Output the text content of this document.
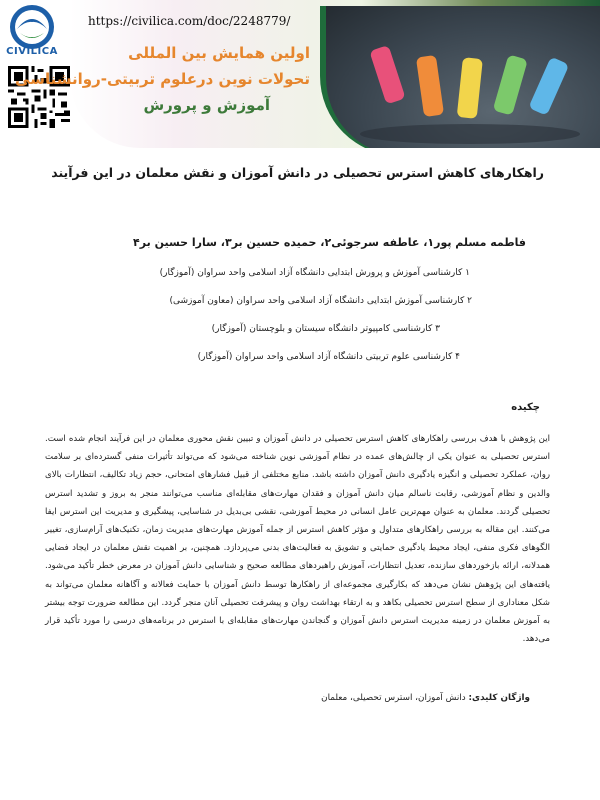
CIVILICA
https://civilica.com/doc/2248779/
اولین همایش بین المللی
تحولات نوین درعلوم تربیتی-روانشناسی
آموزش و پرورش
راهکارهای کاهش استرس تحصیلی در دانش آموزان و نقش معلمان در این فرآیند
فاطمه مسلم پور۱، عاطفه سرجوئی۲، حمیده حسین بر۳، سارا حسین بر۴
۱ کارشناسی آموزش و پرورش ابتدایی دانشگاه آزاد اسلامی واحد سراوان (آموزگار)
۲ کارشناسی آموزش ابتدایی دانشگاه آزاد اسلامی واحد سراوان (معاون آموزشی)
۳ کارشناسی کامپیوتر دانشگاه سیستان و بلوچستان (آموزگار)
۴ کارشناسی علوم تربیتی دانشگاه آزاد اسلامی واحد سراوان (آموزگار)
چکیده
این پژوهش با هدف بررسی راهکارهای کاهش استرس تحصیلی در دانش آموزان و تبیین نقش محوری معلمان در این فرآیند انجام شده است. استرس تحصیلی به عنوان یکی از چالش‌های عمده در نظام آموزشی نوین شناخته می‌شود که می‌تواند تأثیرات منفی گسترده‌ای بر سلامت روان، عملکرد تحصیلی و انگیزه یادگیری دانش آموزان داشته باشد. منابع مختلفی از قبیل فشارهای امتحانی، حجم زیاد تکالیف، انتظارات بالای والدین و نظام آموزشی، رقابت ناسالم میان دانش آموزان و فقدان مهارت‌های مقابله‌ای مناسب می‌توانند منجر به بروز و تشدید استرس تحصیلی گردند. معلمان به عنوان مهم‌ترین عامل انسانی در محیط آموزشی، نقشی بی‌بدیل در شناسایی، پیشگیری و مدیریت این استرس ایفا می‌کنند. این مقاله به بررسی راهکارهای متداول و مؤثر کاهش استرس از جمله آموزش مهارت‌های مدیریت زمان، تکنیک‌های آرام‌سازی، تغییر الگوهای فکری منفی، ایجاد محیط یادگیری حمایتی و تشویق به فعالیت‌های بدنی می‌پردازد. همچنین، بر اهمیت نقش معلمان در ایجاد فضایی همدلانه، ارائه بازخوردهای سازنده، تعدیل انتظارات، آموزش راهبردهای مطالعه صحیح و شناسایی دانش آموزان در معرض خطر تأکید می‌شود. یافته‌های این پژوهش نشان می‌دهد که بکارگیری مجموعه‌ای از راهکارها توسط دانش آموزان با حمایت فعالانه و آگاهانه معلمان می‌تواند به شکل معناداری از سطح استرس تحصیلی بکاهد و به ارتقاء بهداشت روان و پیشرفت تحصیلی آنان منجر گردد. این مطالعه ضرورت توجه بیشتر به آموزش معلمان در زمینه مدیریت استرس دانش آموزان و گنجاندن مهارت‌های مقابله‌ای با استرس در برنامه‌های درسی را مورد تأکید قرار می‌دهد.
واژگان کلیدی: دانش آموزان، استرس تحصیلی، معلمان
